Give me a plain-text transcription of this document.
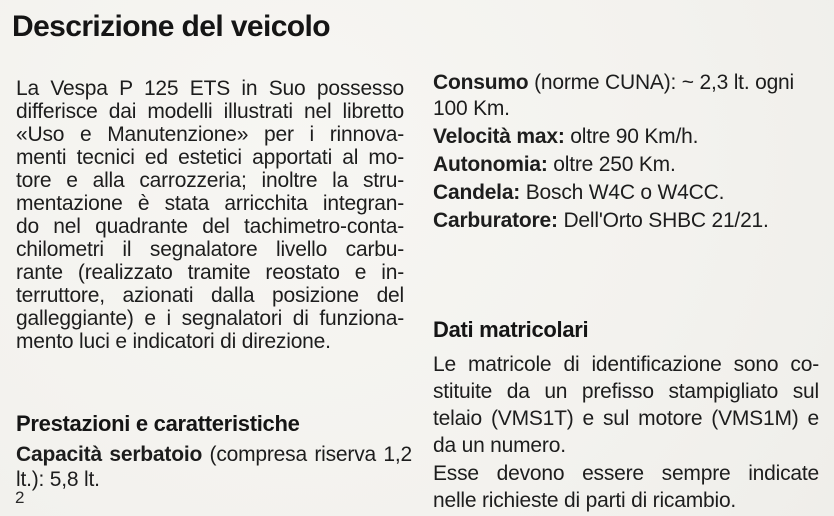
Descrizione del veicolo
La Vespa P 125 ETS in Suo possesso
differisce dai modelli illustrati nel libretto
«Uso e Manutenzione» per i rinnova-
menti tecnici ed estetici apportati al mo-
tore e alla carrozzeria; inoltre la stru-
mentazione è stata arricchita integran-
do nel quadrante del tachimetro-conta-
chilometri il segnalatore livello carbu-
rante (realizzato tramite reostato e in-
terruttore, azionati dalla posizione del
galleggiante) e i segnalatori di funziona-
mento luci e indicatori di direzione.
Prestazioni e caratteristiche
Capacità serbatoio (compresa riserva 1,2 lt.): 5,8 lt.
2
Consumo (norme CUNA): ~ 2,3 lt. ogni 100 Km.
Velocità max: oltre 90 Km/h.
Autonomia: oltre 250 Km.
Candela: Bosch W4C o W4CC.
Carburatore: Dell'Orto SHBC 21/21.
Dati matricolari
Le matricole di identificazione sono co-
stituite da un prefisso stampigliato sul
telaio (VMS1T) e sul motore (VMS1M) e
da un numero.
Esse devono essere sempre indicate
nelle richieste di parti di ricambio.
